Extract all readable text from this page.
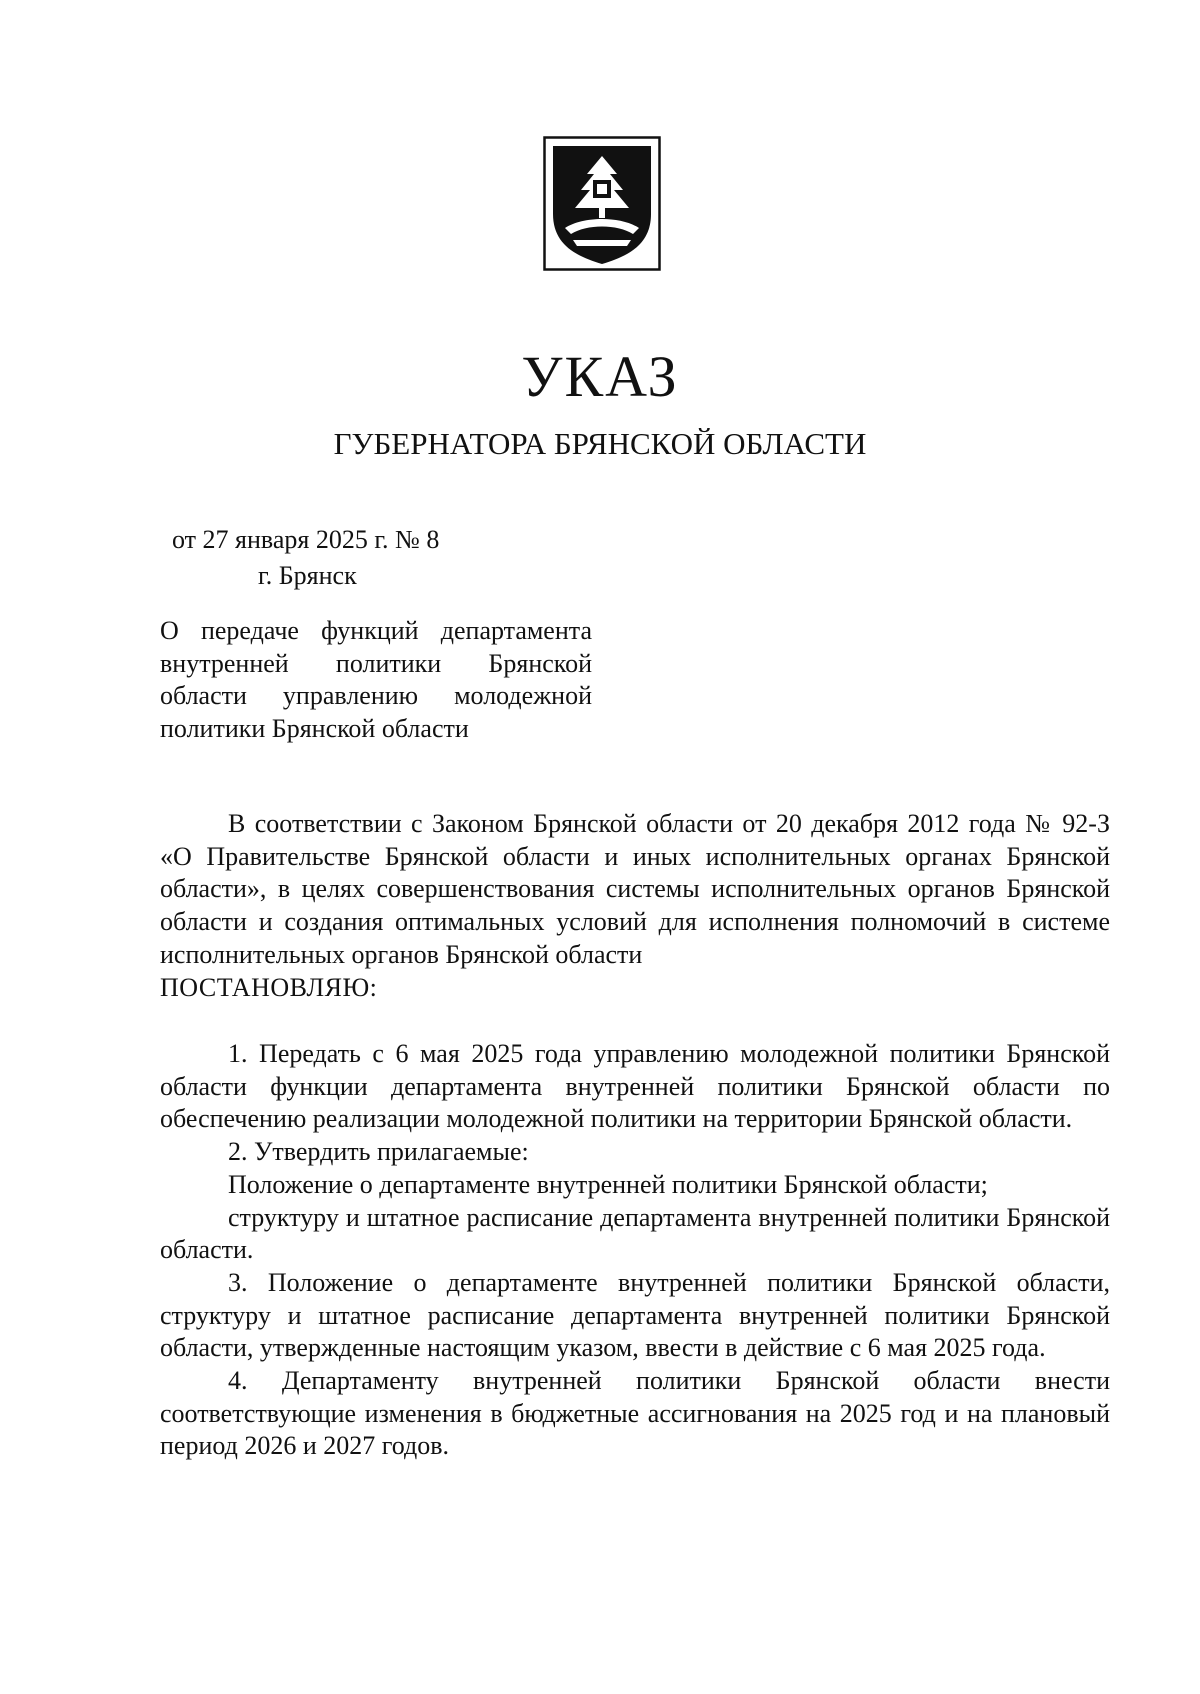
УКАЗ
ГУБЕРНАТОРА БРЯНСКОЙ ОБЛАСТИ

от 27 января 2025 г. № 8

г. Брянск

О передаче функций департамента
внутренней политики Брянской
области управлению молодежной
политики Брянской области

В соответствии с Законом Брянской области от 20 декабря 2012 года № 92-З «О Правительстве Брянской области и иных исполнительных органах Брянской области», в целях совершенствования системы исполнительных органов Брянской области и создания оптимальных условий для исполнения полномочий в системе исполнительных органов Брянской области

ПОСТАНОВЛЯЮ:

1. Передать с 6 мая 2025 года управлению молодежной политики Брянской области функции департамента внутренней политики Брянской области по обеспечению реализации молодежной политики на территории Брянской области.

2. Утвердить прилагаемые:

Положение о департаменте внутренней политики Брянской области;

структуру и штатное расписание департамента внутренней политики Брянской области.

3. Положение о департаменте внутренней политики Брянской области, структуру и штатное расписание департамента внутренней политики Брянской области, утвержденные настоящим указом, ввести в действие с 6 мая 2025 года.

4. Департаменту внутренней политики Брянской области внести соответствующие изменения в бюджетные ассигнования на 2025 год и на плановый период 2026 и 2027 годов.
